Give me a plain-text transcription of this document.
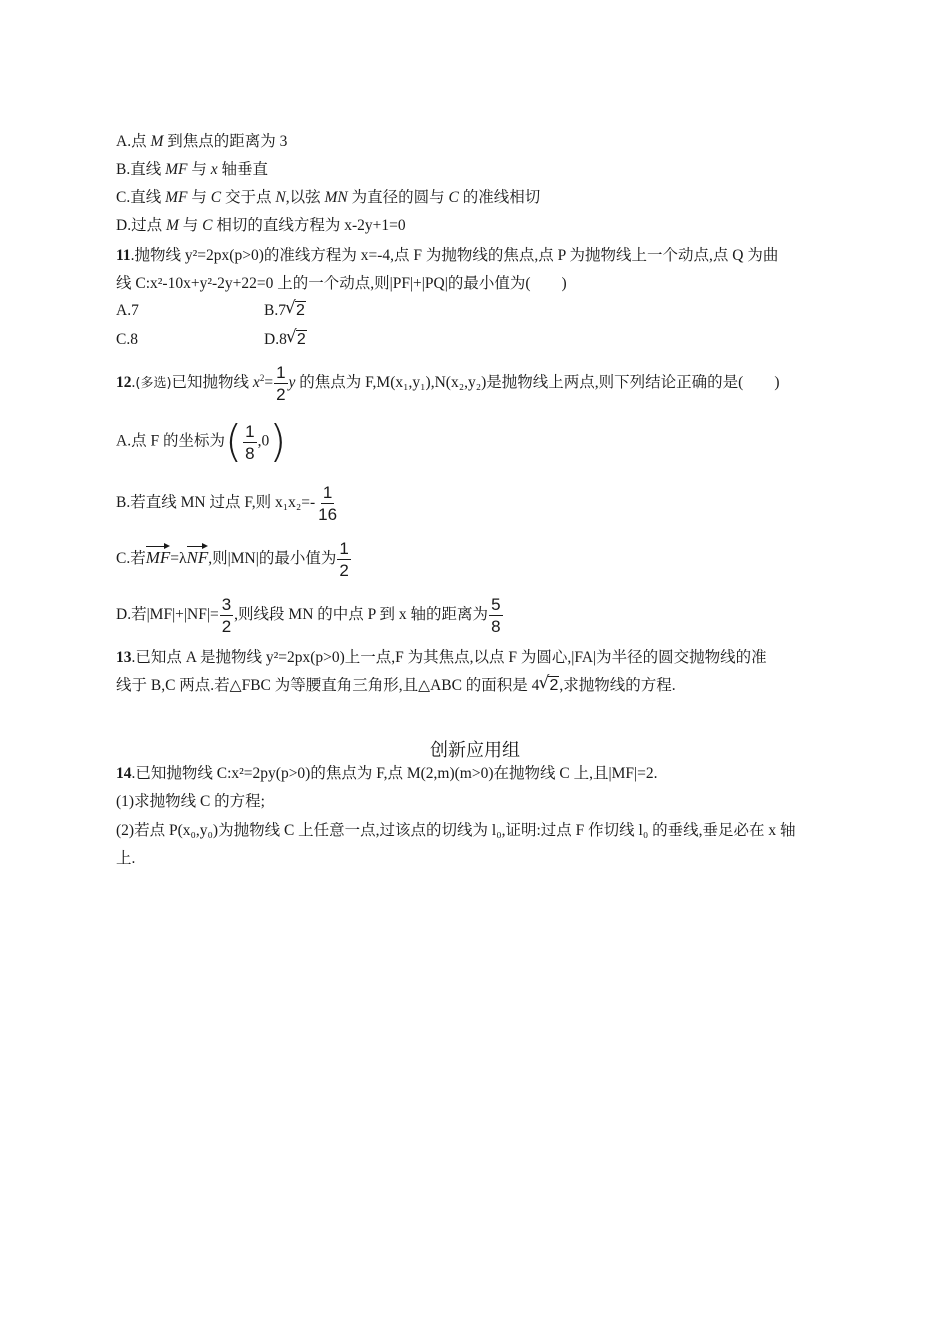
A.点 M 到焦点的距离为 3
B.直线 MF 与 x 轴垂直
C.直线 MF 与 C 交于点 N,以弦 MN 为直径的圆与 C 的准线相切
D.过点 M 与 C 相切的直线方程为 x-2y+1=0
11.抛物线 y²=2px(p>0)的准线方程为 x=-4,点 F 为抛物线的焦点,点 P 为抛物线上一个动点,点 Q 为曲
线 C:x²-10x+y²-2y+22=0 上的一个动点,则|PF|+|PQ|的最小值为(　　)
A.7	B.7 √ 2
C.8	D.8 √ 2
12.(多选)已知抛物线 $x^2= \frac{1}{2}$ y 的焦点为 F,M(x₁,y₁),N(x₂,y₂)是抛物线上两点,则下列结论正确的是(　　)
A.点 F 的坐标为( $\frac{1}{8} ,0$)
B.若直线 MN 过点 F,则 $x_1x_2=- \frac{1}{16}$
C.若MF=λNF,则|MN|的最小值为 $\frac{1}{2}$
D.若$|MF|+|NF|= \frac{3}{2}$ ,则线段 MN 的中点 P 到 x 轴的距离为 $\frac{5}{8}$
13.已知点 A 是抛物线 y²=2px(p>0)上一点,F 为其焦点,以点 F 为圆心,|FA|为半径的圆交抛物线的准
线于 B,C 两点.若△FBC 为等腰直角三角形,且△ABC 的面积是 4 √ 2,求抛物线的方程.
创新应用组
14.已知抛物线 C:x²=2py(p>0)的焦点为 F,点 M(2,m)(m>0)在抛物线 C 上,且|MF|=2.
(1)求抛物线 C 的方程;
(2)若点 P(x₀,y₀)为抛物线 C 上任意一点,过该点的切线为 l₀,证明:过点 F 作切线 l₀ 的垂线,垂足必在 x 轴
上.
